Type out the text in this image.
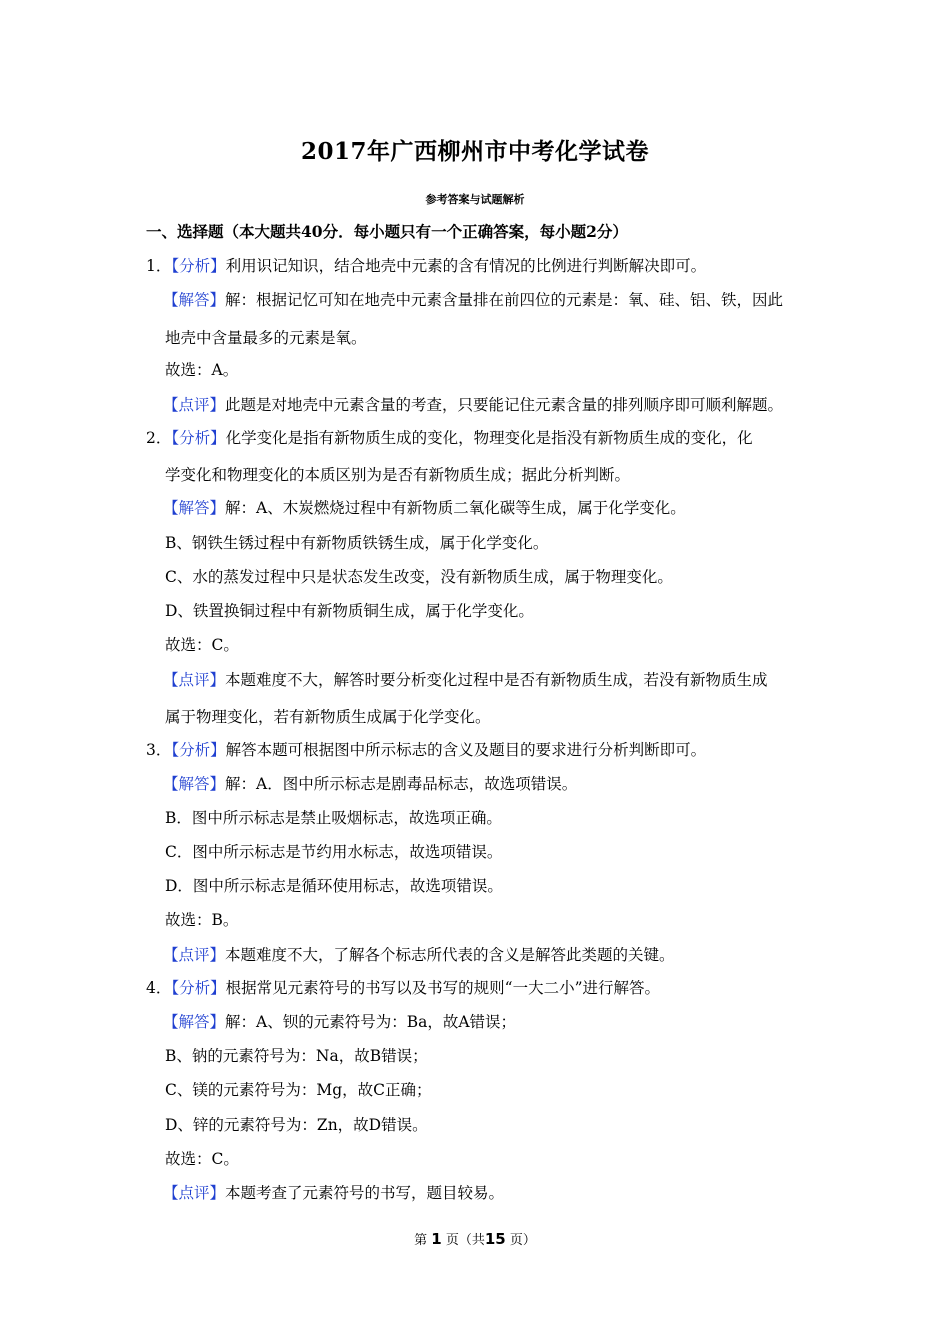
2017年广西柳州市中考化学试卷
参考答案与试题解析
一、选择题（本大题共40分．每小题只有一个正确答案，每小题2分）
1．【分析】利用识记知识，结合地壳中元素的含有情况的比例进行判断解决即可。
【解答】解：根据记忆可知在地壳中元素含量排在前四位的元素是：氧、硅、铝、铁，因此
地壳中含量最多的元素是氧。
故选：A。
【点评】此题是对地壳中元素含量的考查，只要能记住元素含量的排列顺序即可顺利解题。
2．【分析】化学变化是指有新物质生成的变化，物理变化是指没有新物质生成的变化，化
学变化和物理变化的本质区别为是否有新物质生成；据此分析判断。
【解答】解：A、木炭燃烧过程中有新物质二氧化碳等生成，属于化学变化。
B、钢铁生锈过程中有新物质铁锈生成，属于化学变化。
C、水的蒸发过程中只是状态发生改变，没有新物质生成，属于物理变化。
D、铁置换铜过程中有新物质铜生成，属于化学变化。
故选：C。
【点评】本题难度不大，解答时要分析变化过程中是否有新物质生成，若没有新物质生成
属于物理变化，若有新物质生成属于化学变化。
3．【分析】解答本题可根据图中所示标志的含义及题目的要求进行分析判断即可。
【解答】解：A．图中所示标志是剧毒品标志，故选项错误。
B．图中所示标志是禁止吸烟标志，故选项正确。
C．图中所示标志是节约用水标志，故选项错误。
D．图中所示标志是循环使用标志，故选项错误。
故选：B。
【点评】本题难度不大，了解各个标志所代表的含义是解答此类题的关键。
4．【分析】根据常见元素符号的书写以及书写的规则“一大二小”进行解答。
【解答】解：A、钡的元素符号为：Ba，故A错误；
B、钠的元素符号为：Na，故B错误；
C、镁的元素符号为：Mg，故C正确；
D、锌的元素符号为：Zn，故D错误。
故选：C。
【点评】本题考查了元素符号的书写，题目较易。
第 1 页（共15 页）
